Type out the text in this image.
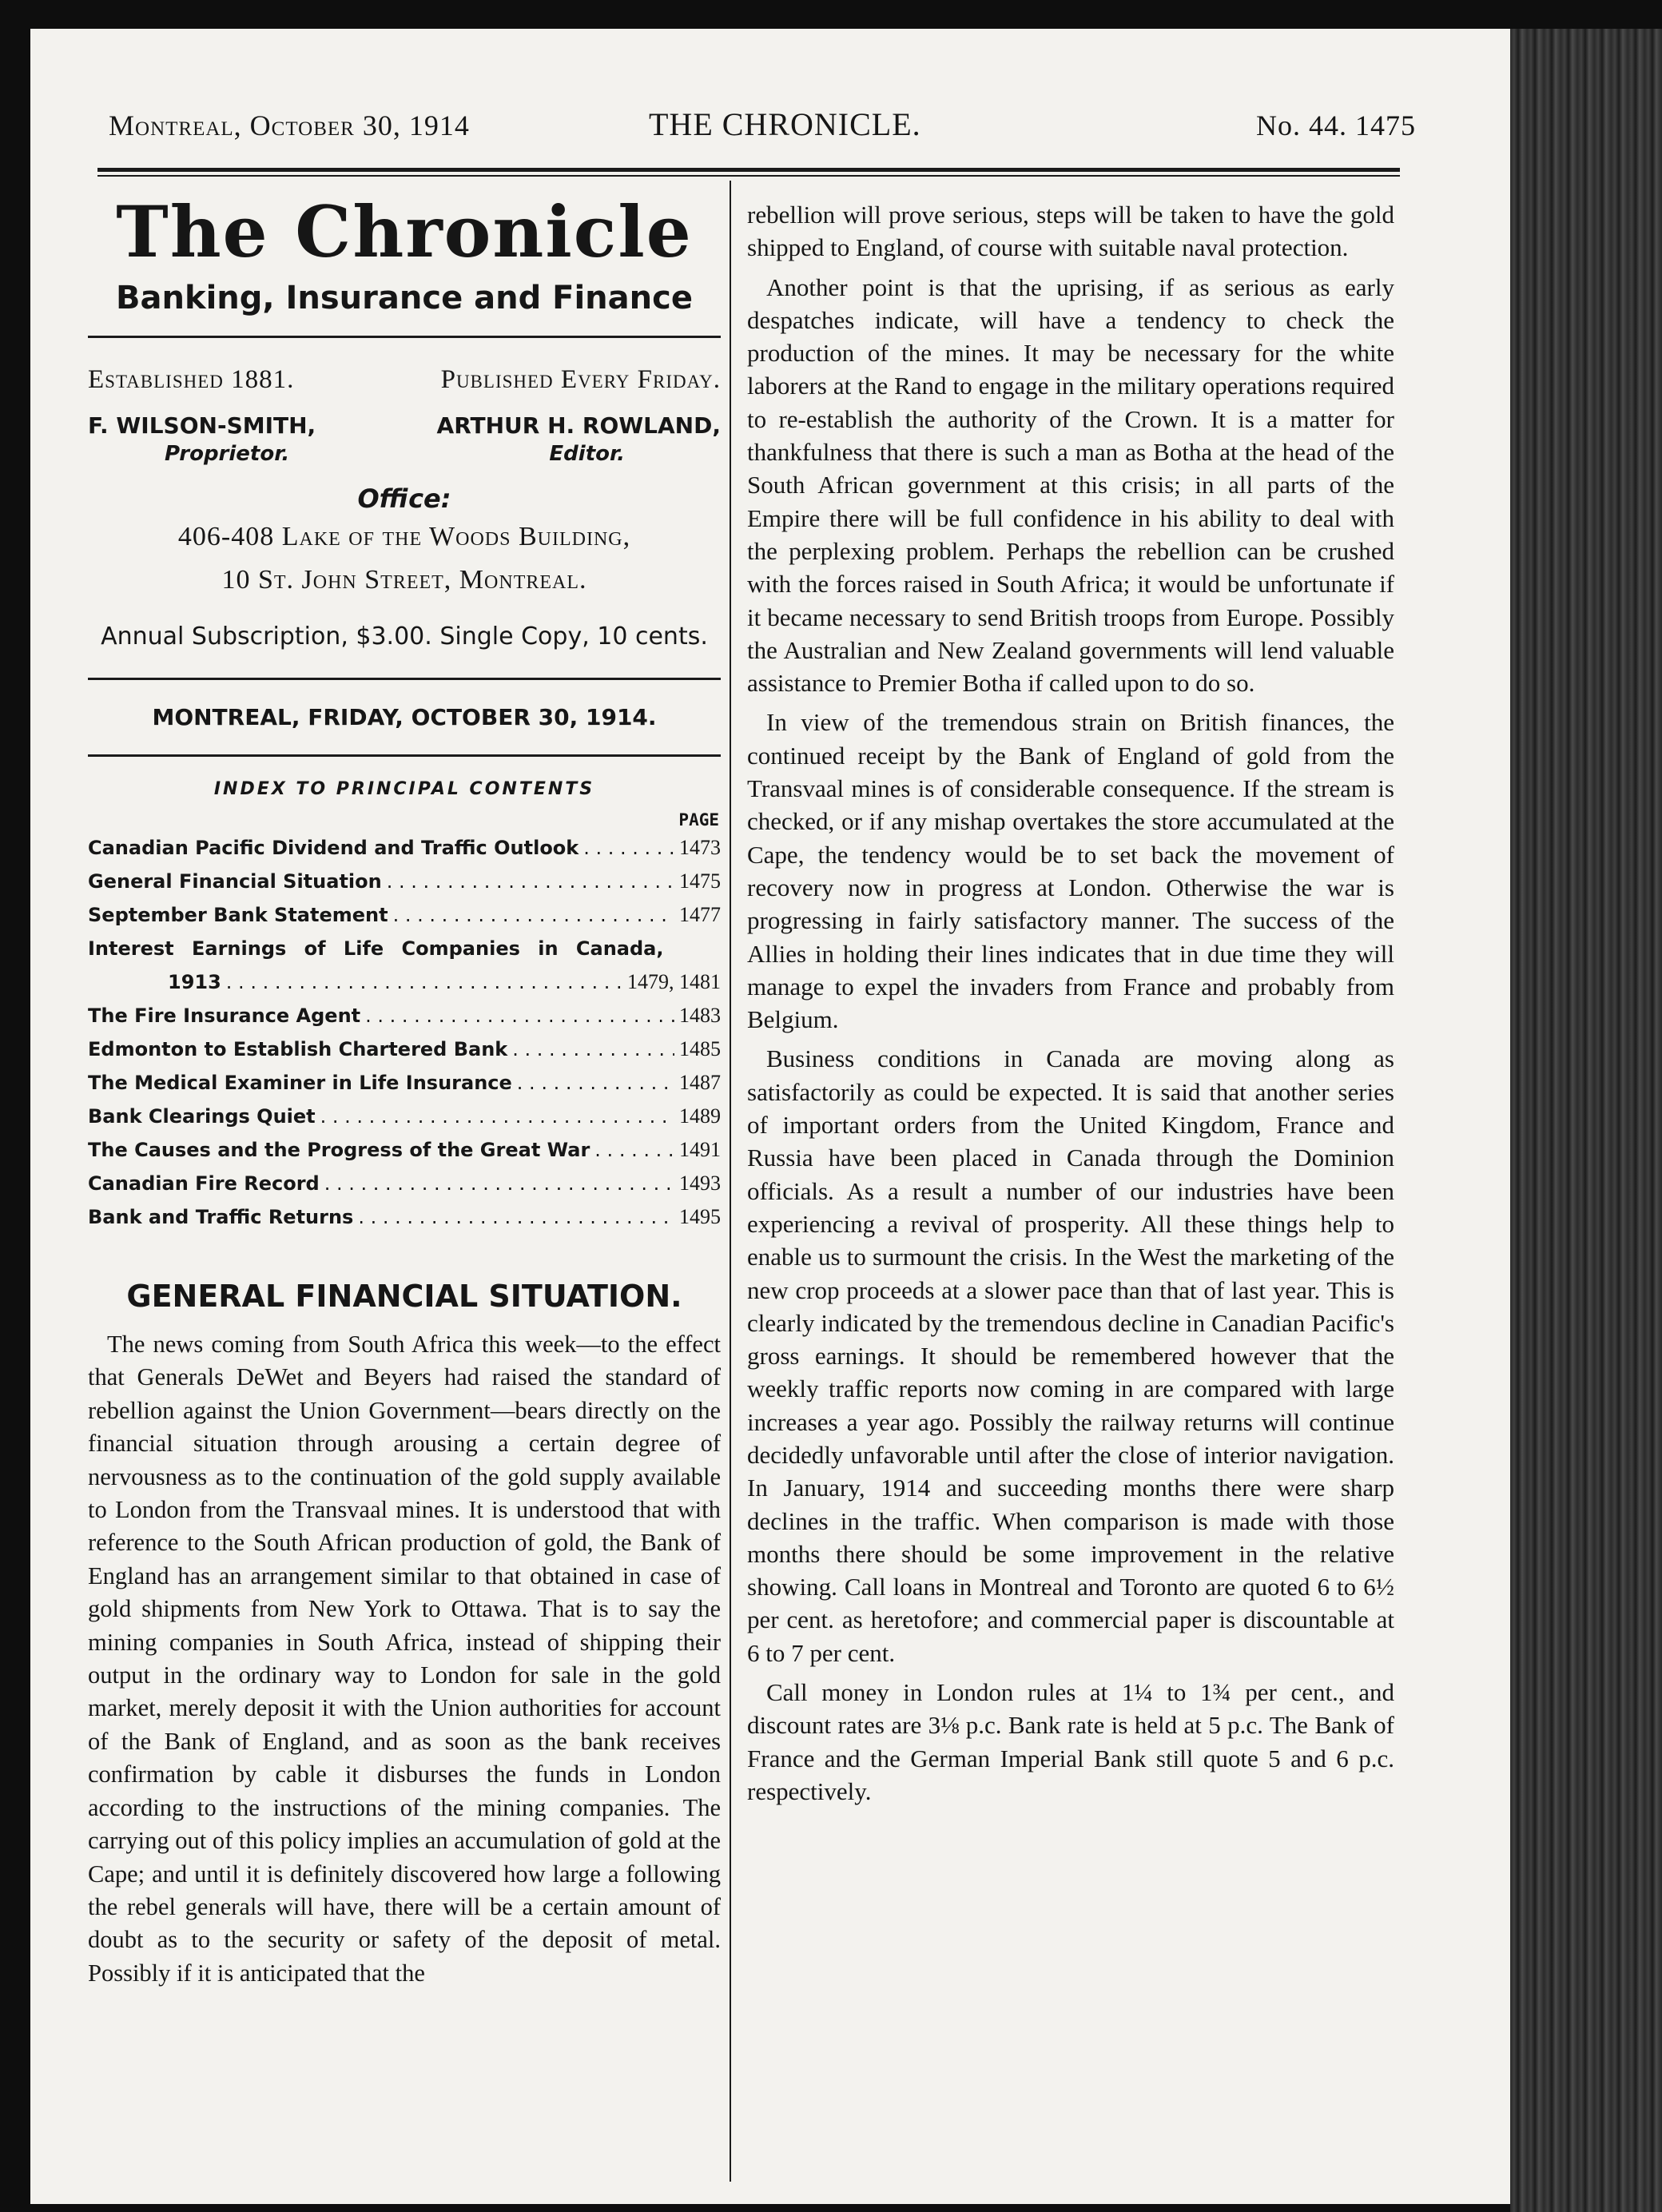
Montreal, October 30, 1914	THE CHRONICLE.	No. 44. 1475
The Chronicle
Banking, Insurance and Finance
Established 1881.	Published Every Friday.
F. WILSON-SMITH,	ARTHUR H. ROWLAND,
Proprietor.	Editor.
Office:
406-408 Lake of the Woods Building,
10 St. John Street, Montreal.
Annual Subscription, $3.00. Single Copy, 10 cents.
MONTREAL, FRIDAY, OCTOBER 30, 1914.
INDEX TO PRINCIPAL CONTENTS
PAGE
Canadian Pacific Dividend and Traffic Outlook . . .	1473
General Financial Situation . . .	1475
September Bank Statement . . .	1477
Interest Earnings of Life Companies in Canada,
1913 . . .	1479, 1481
The Fire Insurance Agent . . .	1483
Edmonton to Establish Chartered Bank . . .	1485
The Medical Examiner in Life Insurance . . .	1487
Bank Clearings Quiet . . .	1489
The Causes and the Progress of the Great War . . .	1491
Canadian Fire Record . . .	1493
Bank and Traffic Returns . . .	1495
GENERAL FINANCIAL SITUATION.

The news coming from South Africa this week—to the effect that Generals DeWet and Beyers had raised the standard of rebellion against the Union Government—bears directly on the financial situation through arousing a certain degree of nervousness as to the continuation of the gold supply available to London from the Transvaal mines. It is understood that with reference to the South African production of gold, the Bank of England has an arrangement similar to that obtained in case of gold shipments from New York to Ottawa. That is to say the mining companies in South Africa, instead of shipping their output in the ordinary way to London for sale in the gold market, merely deposit it with the Union authorities for account of the Bank of England, and as soon as the bank receives confirmation by cable it disburses the funds in London according to the instructions of the mining companies. The carrying out of this policy implies an accumulation of gold at the Cape; and until it is definitely discovered how large a following the rebel generals will have, there will be a certain amount of doubt as to the security or safety of the deposit of metal. Possibly if it is anticipated that the

rebellion will prove serious, steps will be taken to have the gold shipped to England, of course with suitable naval protection.

Another point is that the uprising, if as serious as early despatches indicate, will have a tendency to check the production of the mines. It may be necessary for the white laborers at the Rand to engage in the military operations required to re-establish the authority of the Crown. It is a matter for thankfulness that there is such a man as Botha at the head of the South African government at this crisis; in all parts of the Empire there will be full confidence in his ability to deal with the perplexing problem. Perhaps the rebellion can be crushed with the forces raised in South Africa; it would be unfortunate if it became necessary to send British troops from Europe. Possibly the Australian and New Zealand governments will lend valuable assistance to Premier Botha if called upon to do so.

In view of the tremendous strain on British finances, the continued receipt by the Bank of England of gold from the Transvaal mines is of considerable consequence. If the stream is checked, or if any mishap overtakes the store accumulated at the Cape, the tendency would be to set back the movement of recovery now in progress at London. Otherwise the war is progressing in fairly satisfactory manner. The success of the Allies in holding their lines indicates that in due time they will manage to expel the invaders from France and probably from Belgium.

Business conditions in Canada are moving along as satisfactorily as could be expected. It is said that another series of important orders from the United Kingdom, France and Russia have been placed in Canada through the Dominion officials. As a result a number of our industries have been experiencing a revival of prosperity. All these things help to enable us to surmount the crisis. In the West the marketing of the new crop proceeds at a slower pace than that of last year. This is clearly indicated by the tremendous decline in Canadian Pacific's gross earnings. It should be remembered however that the weekly traffic reports now coming in are compared with large increases a year ago. Possibly the railway returns will continue decidedly unfavorable until after the close of interior navigation. In January, 1914 and succeeding months there were sharp declines in the traffic. When comparison is made with those months there should be some improvement in the relative showing. Call loans in Montreal and Toronto are quoted 6 to 6½ per cent. as heretofore; and commercial paper is discountable at 6 to 7 per cent.

Call money in London rules at 1¼ to 1¾ per cent., and discount rates are 3⅛ p.c. Bank rate is held at 5 p.c. The Bank of France and the German Imperial Bank still quote 5 and 6 p.c. respectively.
